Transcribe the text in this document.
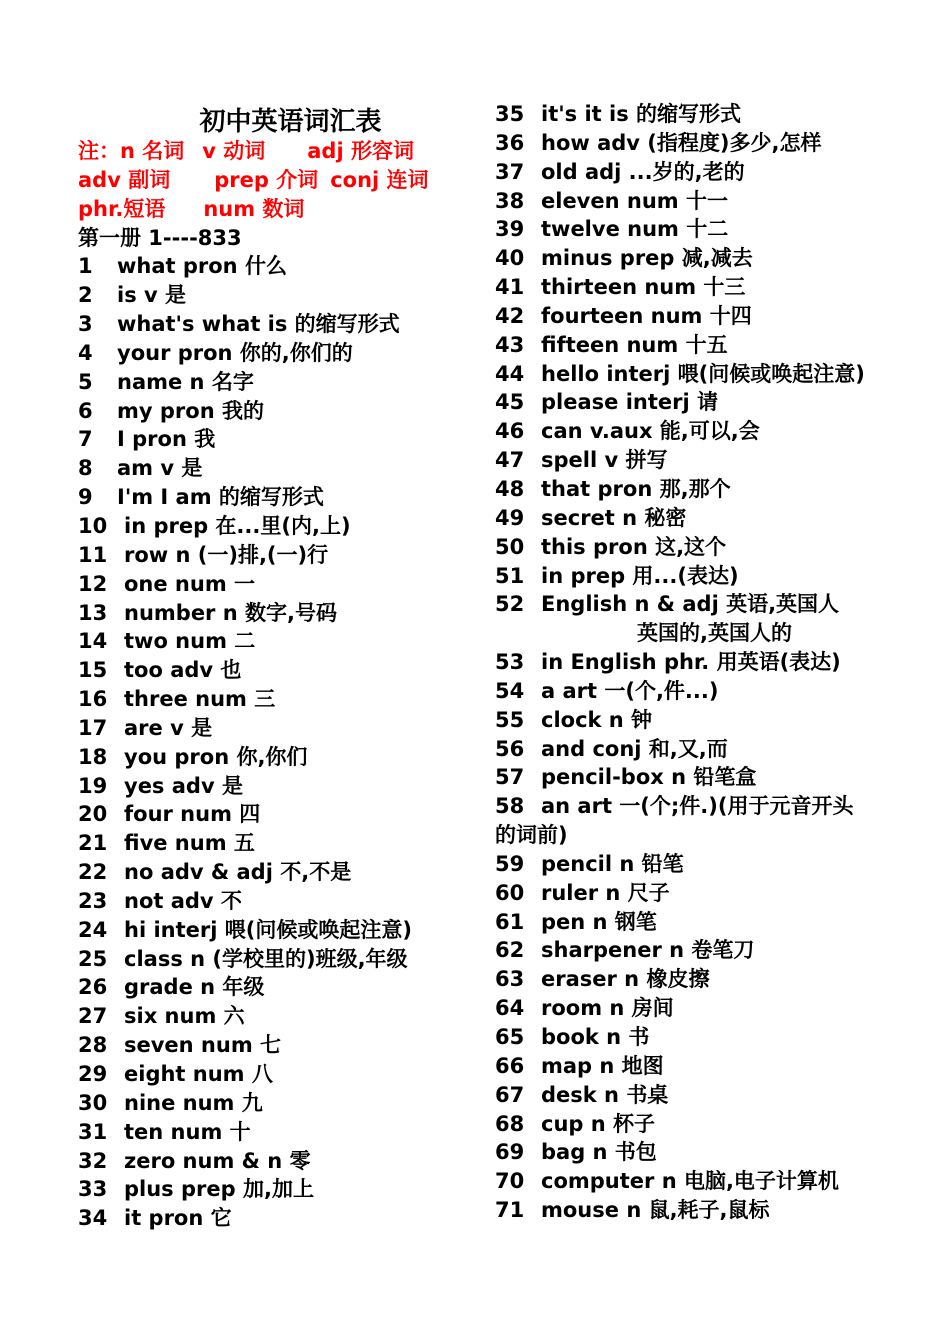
初中英语词汇表
注：n 名词 v 动词 adj 形容词
adv 副词 prep 介词 conj 连词
phr.短语 num 数词
第一册 1----833
1 what pron 什么
2 is v 是
3 what's what is 的缩写形式
4 your pron 你的,你们的
5 name n 名字
6 my pron 我的
7 I pron 我
8 am v 是
9 I'm I am 的缩写形式
10 in prep 在...里(内,上)
11 row n (一)排,(一)行
12 one num 一
13 number n 数字,号码
14 two num 二
15 too adv 也
16 three num 三
17 are v 是
18 you pron 你,你们
19 yes adv 是
20 four num 四
21 five num 五
22 no adv & adj 不,不是
23 not adv 不
24 hi interj 喂(问候或唤起注意)
25 class n (学校里的)班级,年级
26 grade n 年级
27 six num 六
28 seven num 七
29 eight num 八
30 nine num 九
31 ten num 十
32 zero num & n 零
33 plus prep 加,加上
34 it pron 它
35 it's it is 的缩写形式
36 how adv (指程度)多少,怎样
37 old adj ...岁的,老的
38 eleven num 十一
39 twelve num 十二
40 minus prep 减,减去
41 thirteen num 十三
42 fourteen num 十四
43 fifteen num 十五
44 hello interj 喂(问候或唤起注意)
45 please interj 请
46 can v.aux 能,可以,会
47 spell v 拼写
48 that pron 那,那个
49 secret n 秘密
50 this pron 这,这个
51 in prep 用...(表达)
52 English n & adj 英语,英国人
英国的,英国人的
53 in English phr. 用英语(表达)
54 a art 一(个,件...)
55 clock n 钟
56 and conj 和,又,而
57 pencil-box n 铅笔盒
58 an art 一(个;件.)(用于元音开头
的词前)
59 pencil n 铅笔
60 ruler n 尺子
61 pen n 钢笔
62 sharpener n 卷笔刀
63 eraser n 橡皮擦
64 room n 房间
65 book n 书
66 map n 地图
67 desk n 书桌
68 cup n 杯子
69 bag n 书包
70 computer n 电脑,电子计算机
71 mouse n 鼠,耗子,鼠标
